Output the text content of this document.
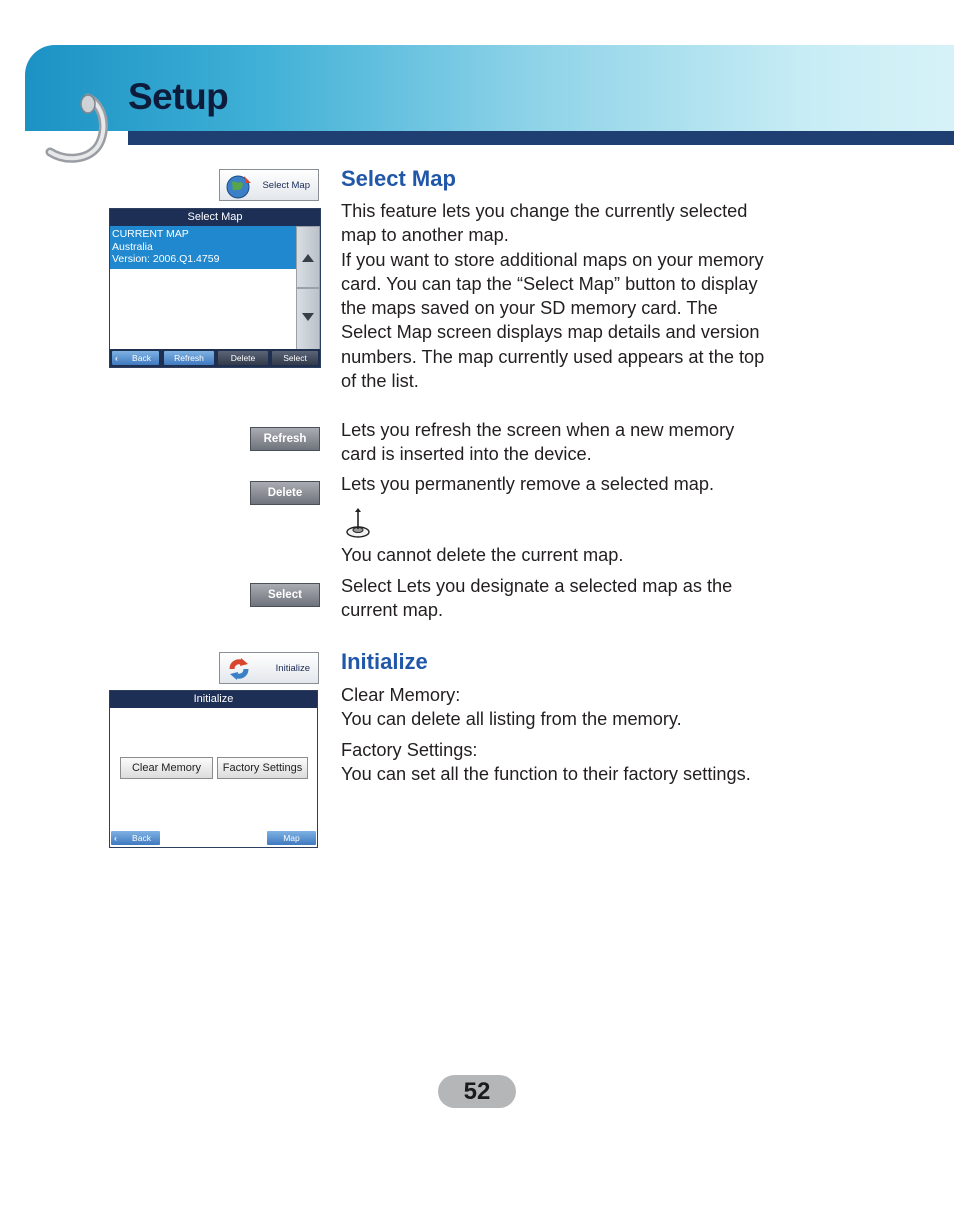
Setup
Select Map Select Map
This feature lets you change the currently selected
map to another map.
If you want to store additional maps on your memory
card. You can tap the “Select Map” button to display
the maps saved on your SD memory card. The
Select Map screen displays map details and version
numbers. The map currently used appears at the top
of the list.
Select Map
CURRENT MAP
Australia
Version: 2006.Q1.4759
‹ Back	Refresh	Delete	Select
Refresh	Lets you refresh the screen when a new memory
card is inserted into the device.
Delete	Lets you permanently remove a selected map.
You cannot delete the current map.
Select	Select Lets you designate a selected map as the
current map.
Initialize Initialize
Clear Memory:
You can delete all listing from the memory.
Factory Settings:
You can set all the function to their factory settings.
Initialize
Clear Memory	Factory Settings
‹ Back	Map
52
